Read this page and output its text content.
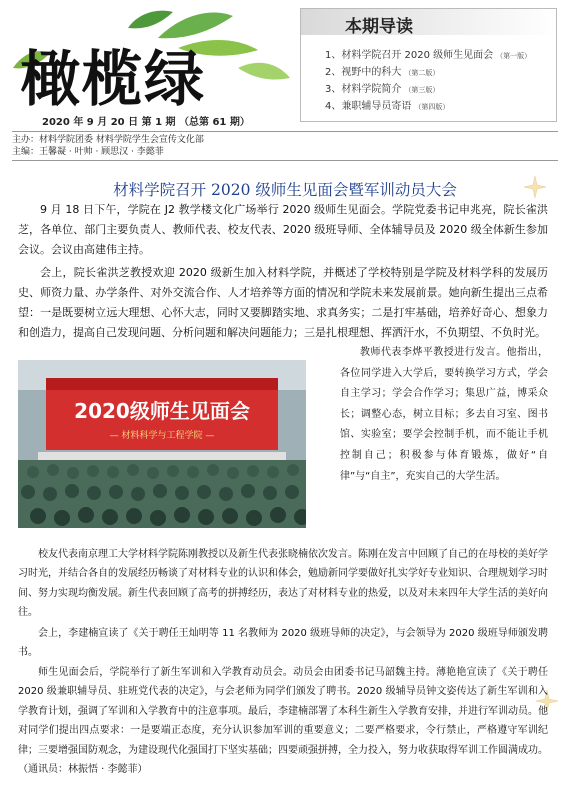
橄榄绿
本期导读
1、材料学院召开 2020 级师生见面会 （第一版）
2、视野中的科大 （第二版）
3、材料学院简介 （第三版）
4、兼职辅导员寄语 （第四版）
2020 年 9 月 20 日 第 1 期 （总第 61 期）
主办：材料学院团委 材料学院学生会宣传文化部
主编：王馨凝 · 叶帅 · 顾思汉 · 李懿菲
材料学院召开 2020 级师生见面会暨军训动员大会

9 月 18 日下午，学院在 J2 教学楼文化广场举行 2020 级师生见面会。学院党委书记申兆亮，院长雀洪芝，各单位、部门主要负责人、教师代表、校友代表、2020 级班导师、全体辅导员及 2020 级全体新生参加会议。会议由高建伟主持。

会上，院长雀洪芝教授欢迎 2020 级新生加入材料学院，并概述了学校特别是学院及材料学科的发展历史、师资力量、办学条件、对外交流合作、人才培养等方面的情况和学院未来发展前景。她向新生提出三点希望：一是既要树立远大理想、心怀大志，同时又要脚踏实地、求真务实；二是打牢基础，培养好奇心、想象力和创造力，提高自己发现问题、分析问题和解决问题能力；三是扎根理想、挥洒汗水，不负期望、不负时光。

2020级师生见面会
— 材料科学与工程学院 —

教师代表李烨平教授进行发言。他指出，各位同学进入大学后，要转换学习方式，学会自主学习；学会合作学习；集思广益，博采众长；调整心态，树立目标；多去自习室、图书馆、实验室；要学会控制手机，而不能让手机控制自己；积极参与体育锻炼，做好“自律”与“自主”，充实自己的大学生活。

校友代表南京理工大学材料学院陈刚教授以及新生代表张晓楠依次发言。陈刚在发言中回顾了自己的在母校的美好学习时光，并结合各自的发展经历畅谈了对材料专业的认识和体会，勉励新同学要做好扎实学好专业知识、合理规划学习时间、努力实现均衡发展。新生代表回顾了高考的拼搏经历，表达了对材料专业的热爱，以及对未来四年大学生活的美好向往。

会上，李建楠宣读了《关于聘任王灿明等 11 名教师为 2020 级班导师的决定》，与会领导为 2020 级班导师颁发聘书。

师生见面会后，学院举行了新生军训和入学教育动员会。动员会由团委书记马韶魏主持。薄艳艳宣读了《关于聘任 2020 级兼职辅导员、驻班党代表的决定》，与会老师为同学们颁发了聘书。2020 级辅导员钟文姿传达了新生军训和入学教育计划，强调了军训和入学教育中的注意事项。最后，李建楠部署了本科生新生入学教育安排，并进行军训动员。他对同学们提出四点要求：一是要端正态度，充分认识参加军训的重要意义；二要严格要求，令行禁止，严格遵守军训纪律；三要增强国防观念，为建设现代化强国打下坚实基础；四要顽强拼搏，全力投入，努力收获取得军训工作圆满成功。（通讯员：林振悟 · 李懿菲）
